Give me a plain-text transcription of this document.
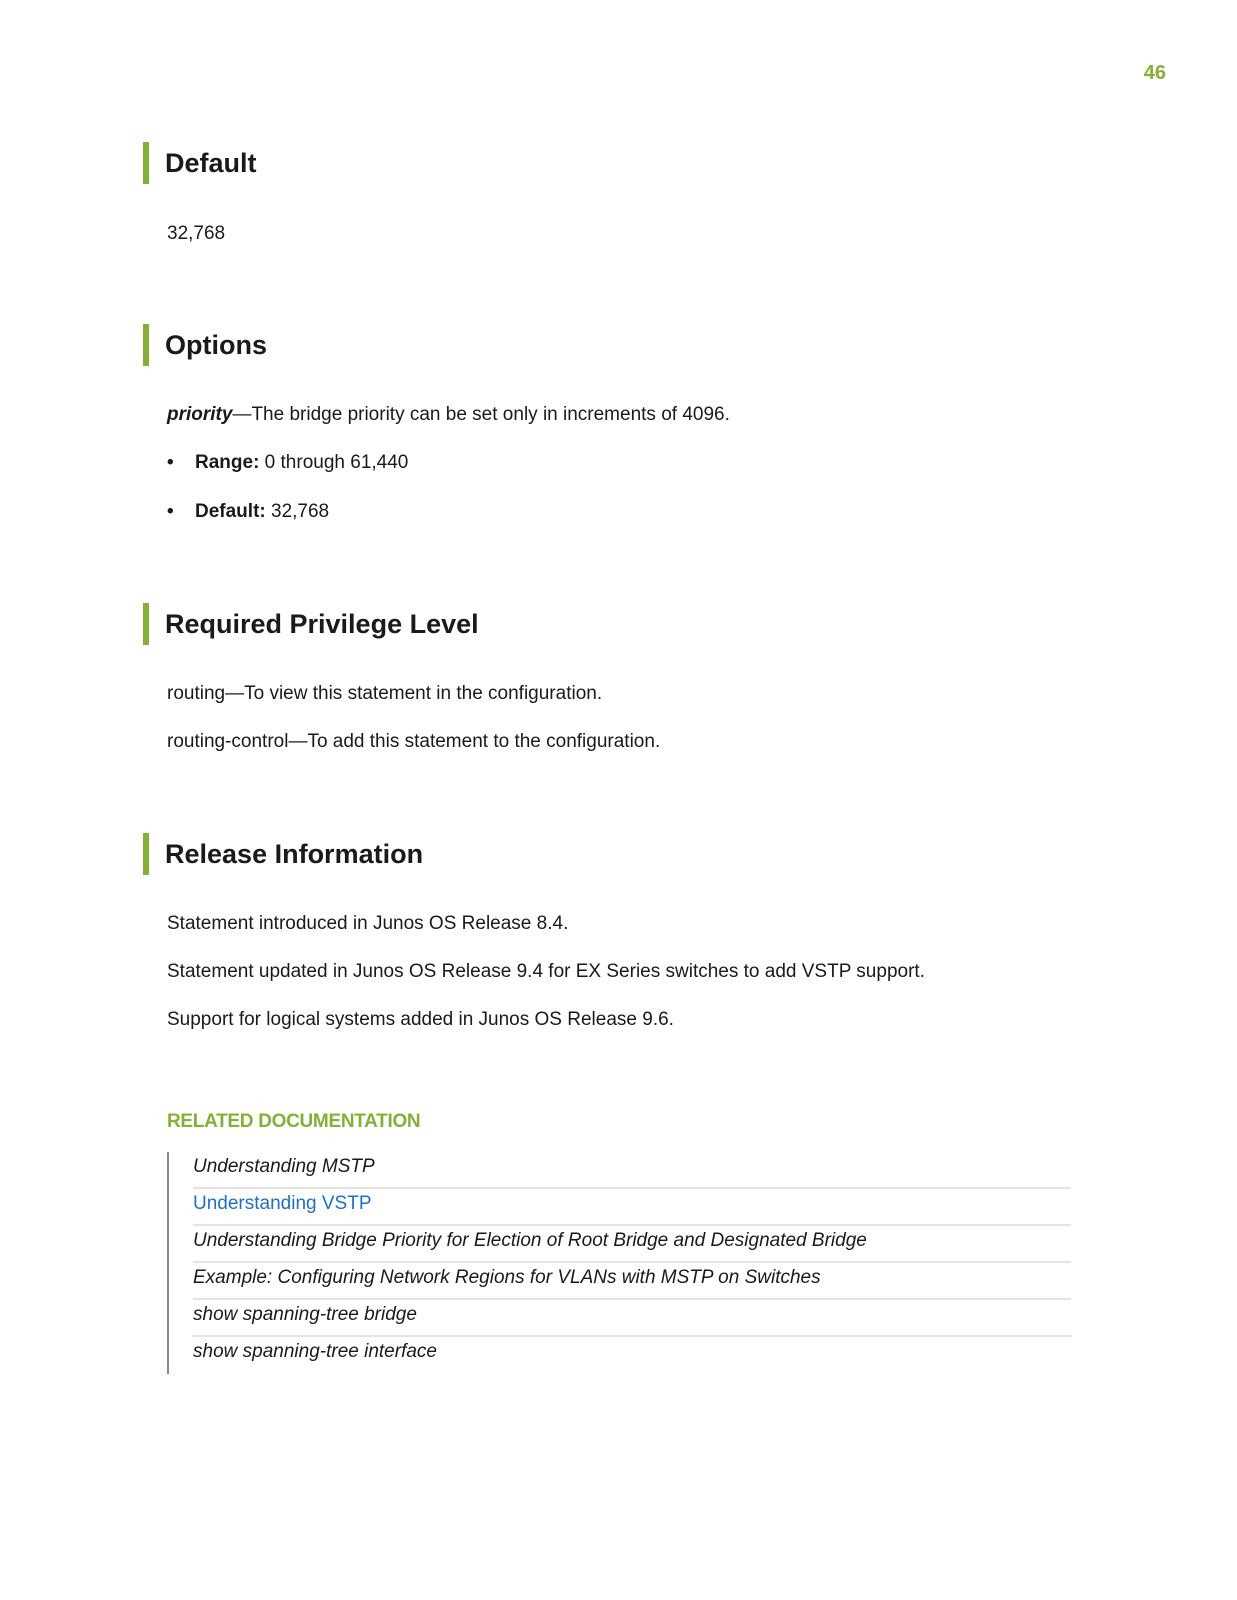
46
Default
32,768
Options
priority—The bridge priority can be set only in increments of 4096.
• Range: 0 through 61,440
• Default: 32,768
Required Privilege Level
routing—To view this statement in the configuration.
routing-control—To add this statement to the configuration.
Release Information
Statement introduced in Junos OS Release 8.4.
Statement updated in Junos OS Release 9.4 for EX Series switches to add VSTP support.
Support for logical systems added in Junos OS Release 9.6.
RELATED DOCUMENTATION
Understanding MSTP
Understanding VSTP
Understanding Bridge Priority for Election of Root Bridge and Designated Bridge
Example: Configuring Network Regions for VLANs with MSTP on Switches
show spanning-tree bridge
show spanning-tree interface
